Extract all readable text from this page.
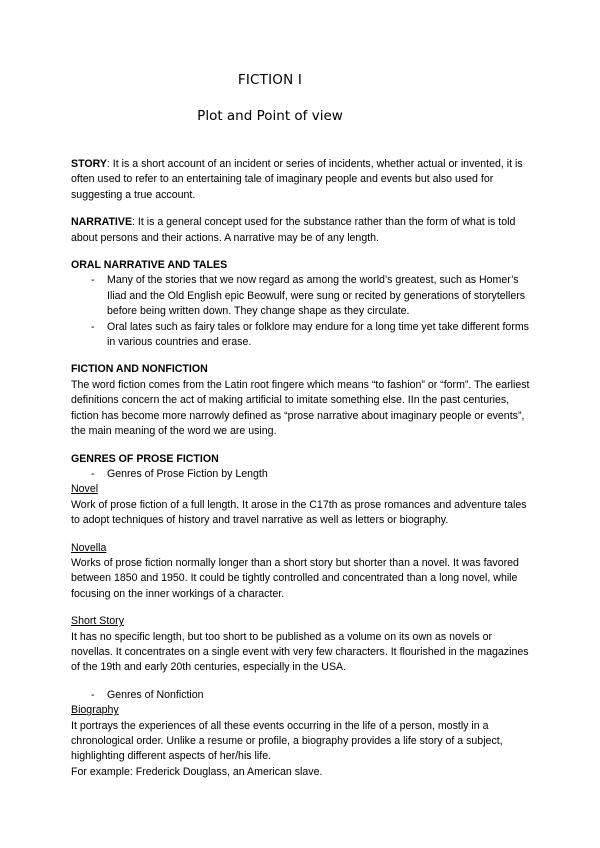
FICTION I
Plot and Point of view

STORY: It is a short account of an incident or series of incidents, whether actual or invented, it is often used to refer to an entertaining tale of imaginary people and events but also used for suggesting a true account.

NARRATIVE: It is a general concept used for the substance rather than the form of what is told about persons and their actions. A narrative may be of any length.

ORAL NARRATIVE AND TALES

- Many of the stories that we now regard as among the world’s greatest, such as Homer’s Iliad and the Old English epic Beowulf, were sung or recited by generations of storytellers before being written down. They change shape as they circulate.
- Oral lates such as fairy tales or folklore may endure for a long time yet take different forms in various countries and erase.

FICTION AND NONFICTION

The word fiction comes from the Latin root fingere which means “to fashion” or “form”. The earliest definitions concern the act of making artificial to imitate something else. IIn the past centuries, fiction has become more narrowly defined as “prose narrative about imaginary people or events”, the main meaning of the word we are using.

GENRES OF PROSE FICTION

- Genres of Prose Fiction by Length

Novel

Work of prose fiction of a full length. It arose in the C17th as prose romances and adventure tales to adopt techniques of history and travel narrative as well as letters or biography.

Novella

Works of prose fiction normally longer than a short story but shorter than a novel. It was favored between 1850 and 1950. It could be tightly controlled and concentrated than a long novel, while focusing on the inner workings of a character.

Short Story

It has no specific length, but too short to be published as a volume on its own as novels or novellas. It concentrates on a single event with very few characters. It flourished in the magazines of the 19th and early 20th centuries, especially in the USA.

- Genres of Nonfiction

Biography

It portrays the experiences of all these events occurring in the life of a person, mostly in a chronological order. Unlike a resume or profile, a biography provides a life story of a subject, highlighting different aspects of her/his life.

For example: Frederick Douglass, an American slave.
